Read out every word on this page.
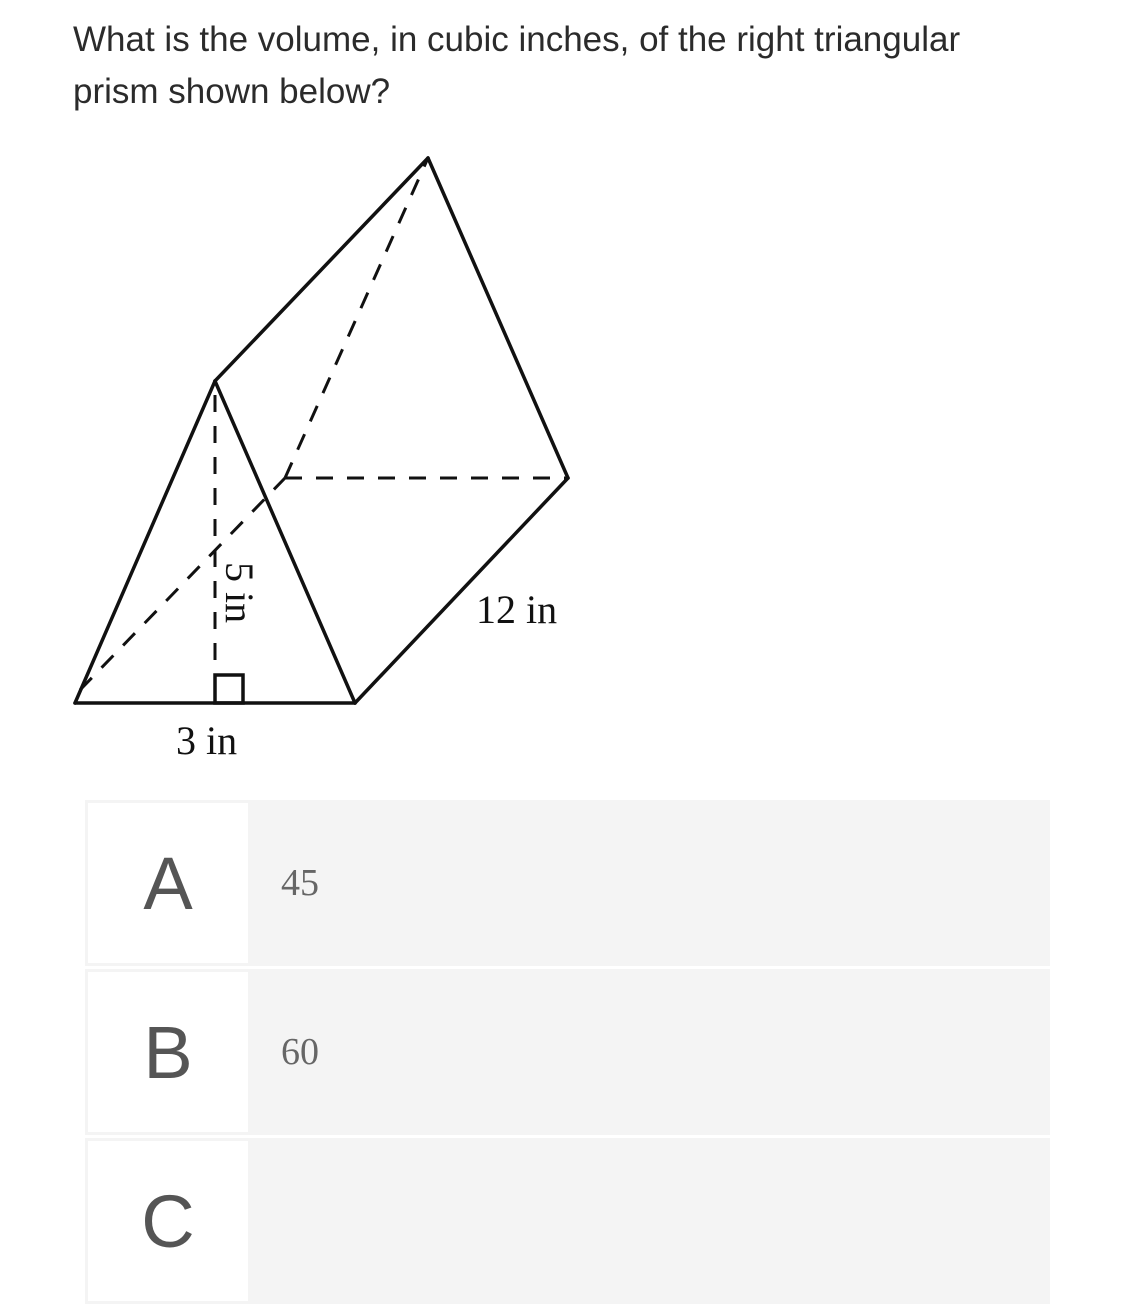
What is the volume, in cubic inches, of the right triangular prism shown below?

5 in
3 in
12 in
A	45
B	60
C
